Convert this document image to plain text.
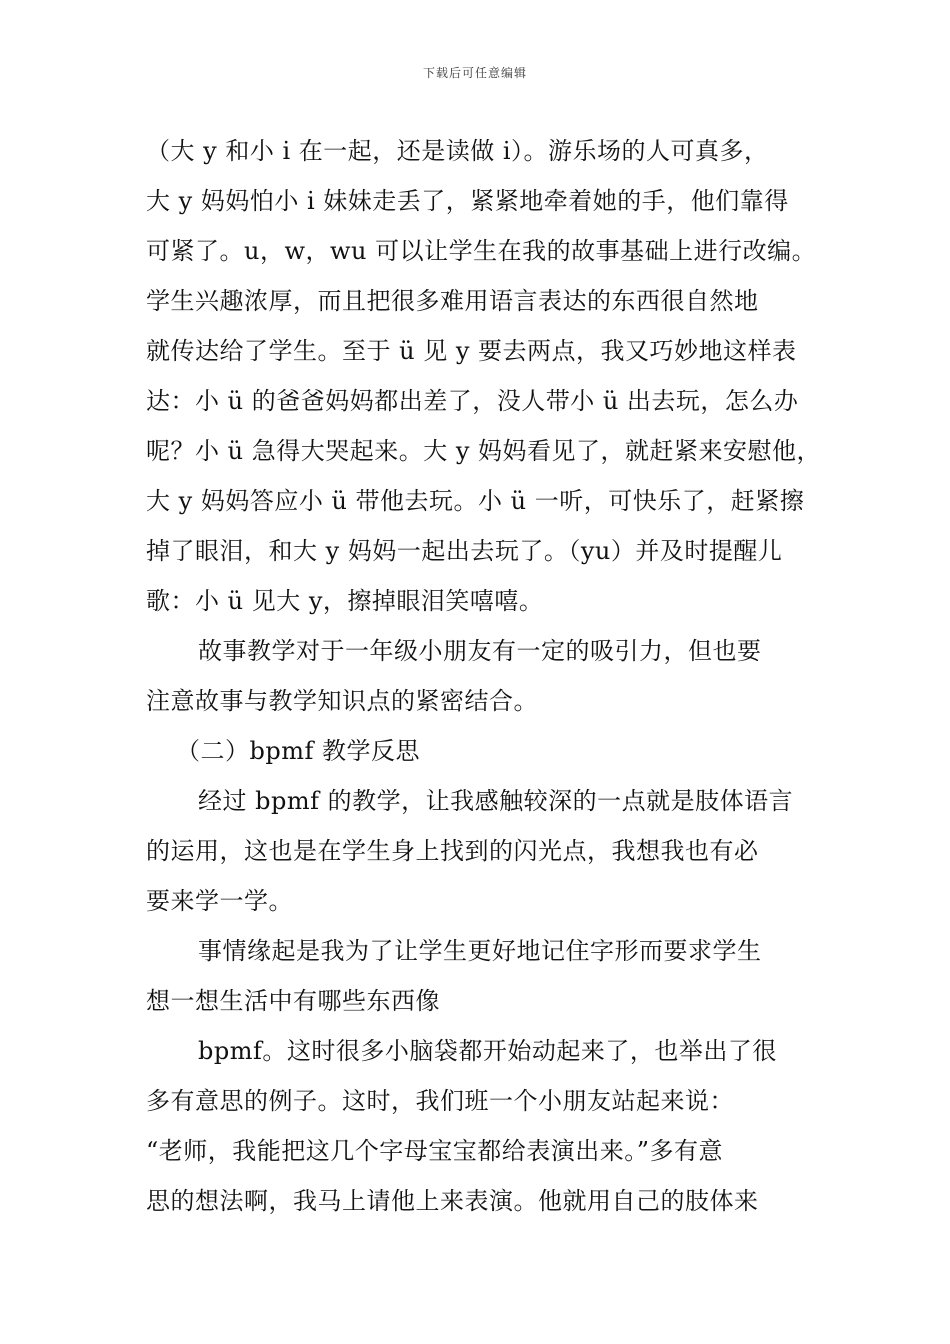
下载后可任意编辑
（大 y 和小 i 在一起，还是读做 i）。游乐场的人可真多，
大 y 妈妈怕小 i 妹妹走丢了，紧紧地牵着她的手，他们靠得
可紧了。u，w，wu 可以让学生在我的故事基础上进行改编。
学生兴趣浓厚，而且把很多难用语言表达的东西很自然地
就传达给了学生。至于 ü 见 y 要去两点，我又巧妙地这样表
达：小 ü 的爸爸妈妈都出差了，没人带小 ü 出去玩，怎么办
呢？小 ü 急得大哭起来。大 y 妈妈看见了，就赶紧来安慰他，
大 y 妈妈答应小 ü 带他去玩。小 ü 一听，可快乐了，赶紧擦
掉了眼泪，和大 y 妈妈一起出去玩了。（yu）并及时提醒儿
歌：小 ü 见大 y，擦掉眼泪笑嘻嘻。
故事教学对于一年级小朋友有一定的吸引力，但也要
注意故事与教学知识点的紧密结合。
（二）bpmf 教学反思
经过 bpmf 的教学，让我感触较深的一点就是肢体语言
的运用，这也是在学生身上找到的闪光点，我想我也有必
要来学一学。
事情缘起是我为了让学生更好地记住字形而要求学生
想一想生活中有哪些东西像
bpmf。这时很多小脑袋都开始动起来了，也举出了很
多有意思的例子。这时，我们班一个小朋友站起来说：
“老师，我能把这几个字母宝宝都给表演出来。”多有意
思的想法啊，我马上请他上来表演。他就用自己的肢体来
